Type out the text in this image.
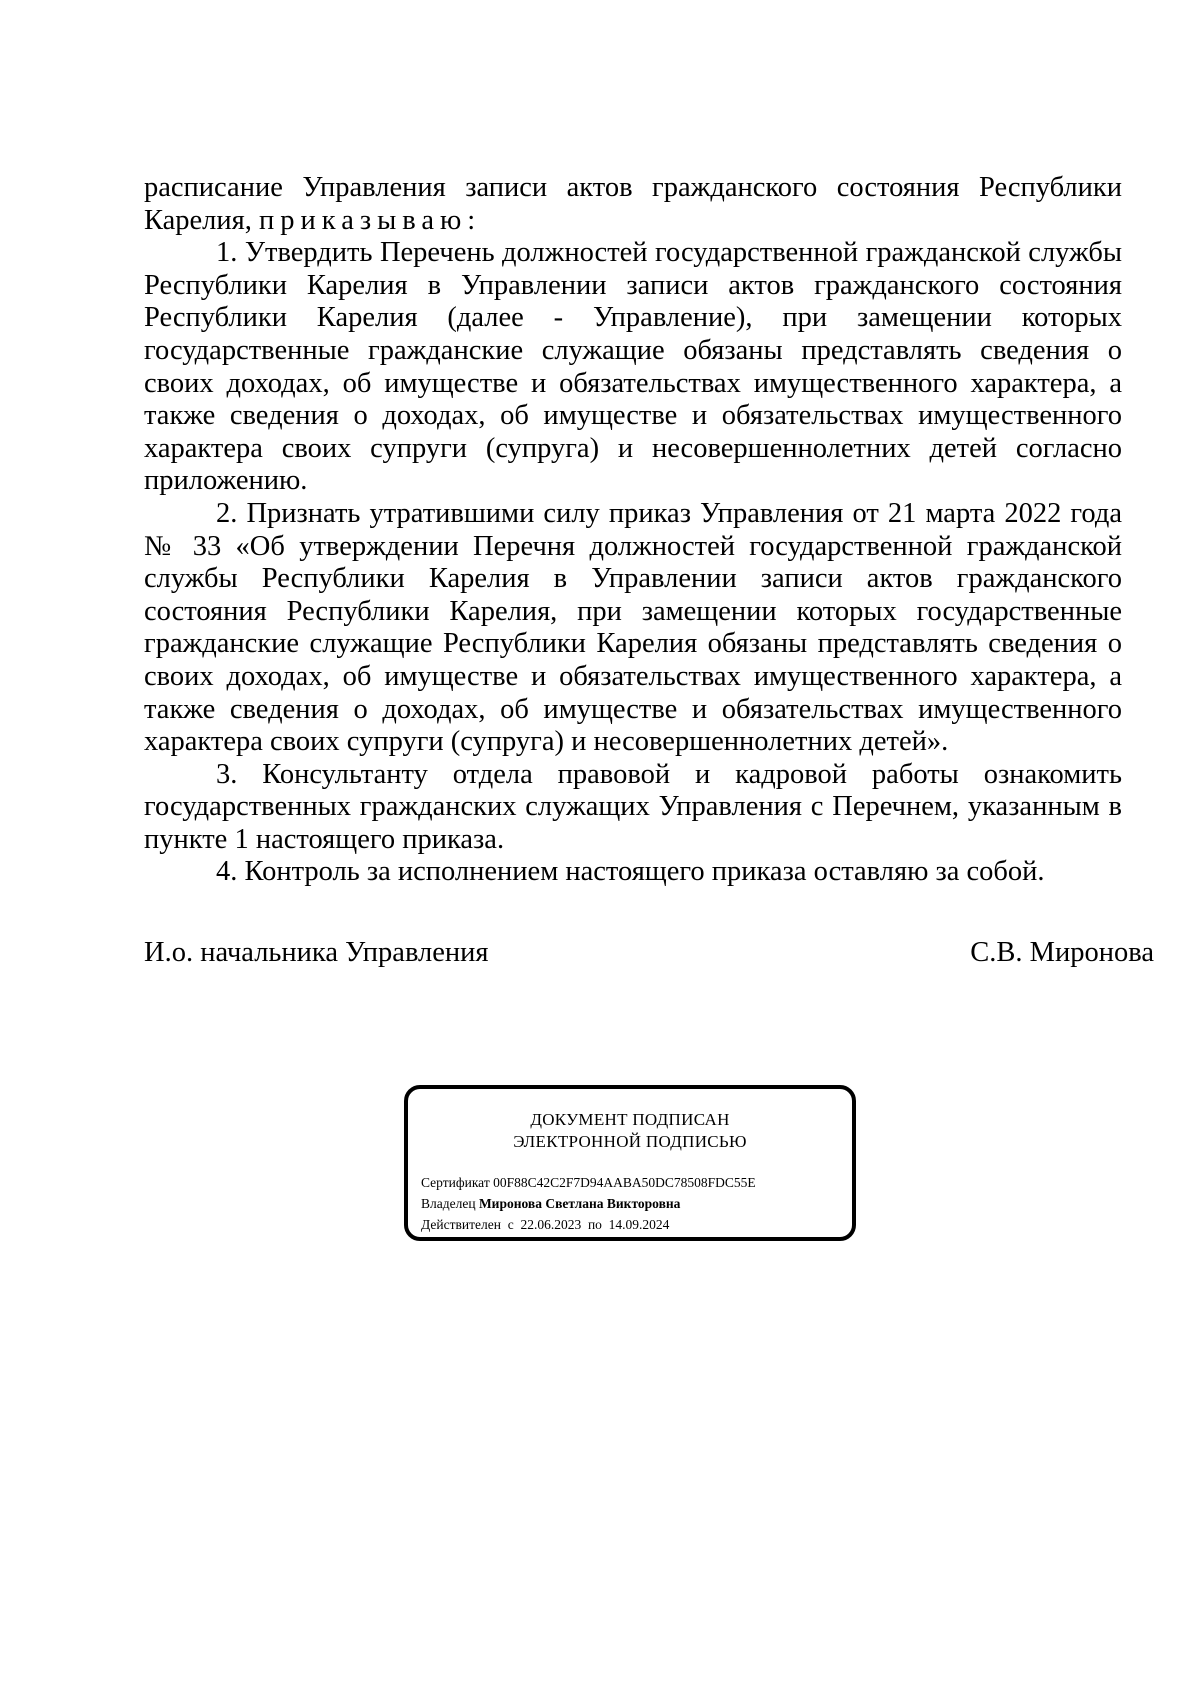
расписание Управления записи актов гражданского состояния Республики Карелия, приказываю:

1. Утвердить Перечень должностей государственной гражданской службы Республики Карелия в Управлении записи актов гражданского состояния Республики Карелия (далее - Управление), при замещении которых государственные гражданские служащие обязаны представлять сведения о своих доходах, об имуществе и обязательствах имущественного характера, а также сведения о доходах, об имуществе и обязательствах имущественного характера своих супруги (супруга) и несовершеннолетних детей согласно приложению.

2. Признать утратившими силу приказ Управления от 21 марта 2022 года № 33 «Об утверждении Перечня должностей государственной гражданской службы Республики Карелия в Управлении записи актов гражданского состояния Республики Карелия, при замещении которых государственные гражданские служащие Республики Карелия обязаны представлять сведения о своих доходах, об имуществе и обязательствах имущественного характера, а также сведения о доходах, об имуществе и обязательствах имущественного характера своих супруги (супруга) и несовершеннолетних детей».

3. Консультанту отдела правовой и кадровой работы ознакомить государственных гражданских служащих Управления с Перечнем, указанным в пункте 1 настоящего приказа.

4. Контроль за исполнением настоящего приказа оставляю за собой.

И.о. начальника Управления	С.В. Миронова
ДОКУМЕНТ ПОДПИСАН
ЭЛЕКТРОННОЙ ПОДПИСЬЮ
Сертификат 00F88C42C2F7D94AABA50DC78508FDC55E
Владелец Миронова Светлана Викторовна
Действителен с 22.06.2023 по 14.09.2024
